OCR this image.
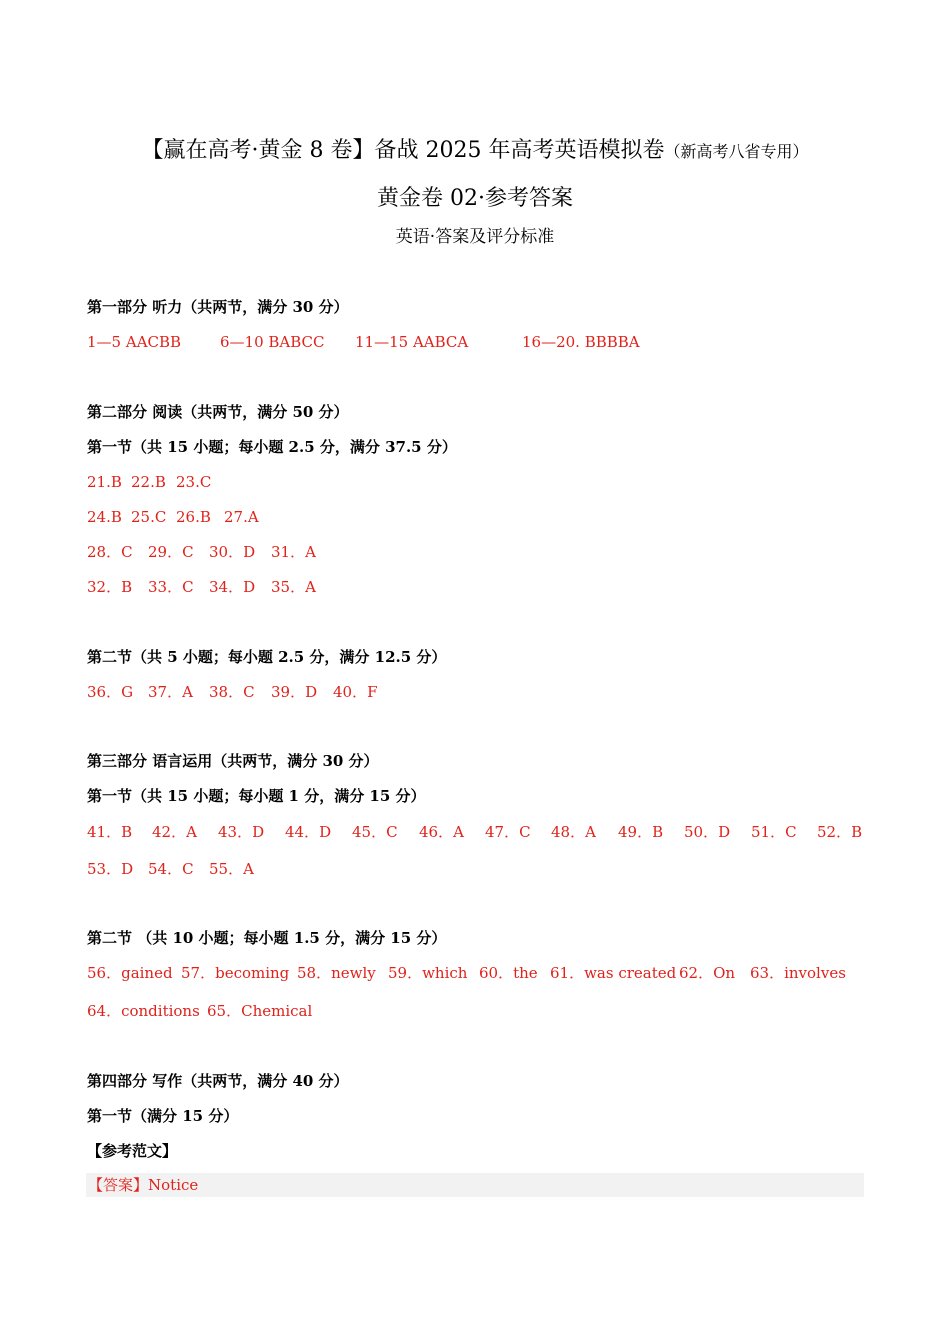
【赢在高考·黄金 8 卷】备战 2025 年高考英语模拟卷（新高考八省专用）
黄金卷 02·参考答案
英语·答案及评分标准
第一部分 听力（共两节，满分 30 分）
1—5 AACBB	6—10 BABCC 11—15 AABCA	16—20. BBBBA
第二部分 阅读（共两节，满分 50 分）
第一节（共 15 小题；每小题 2.5 分，满分 37.5 分）
21.B 22.B 23.C
24.B 25.C 26.B 27.A
28．C 29．C 30．D 31．A
32．B 33．C 34．D 35．A
第二节（共 5 小题；每小题 2.5 分，满分 12.5 分）
36．G 37．A 38．C 39．D 40．F
第三部分 语言运用（共两节，满分 30 分）
第一节（共 15 小题；每小题 1 分，满分 15 分）
41．B 42．A 43．D 44．D 45．C 46．A 47．C 48．A 49．B 50．D 51．C 52．B
53．D 54．C 55．A
第二节 （共 10 小题；每小题 1.5 分，满分 15 分）
56．gained 57．becoming 58．newly 59．which 60．the 61．was created 62．On 63．involves
64．conditions 65．Chemical
第四部分 写作（共两节，满分 40 分）
第一节（满分 15 分）
【参考范文】
【答案】Notice
